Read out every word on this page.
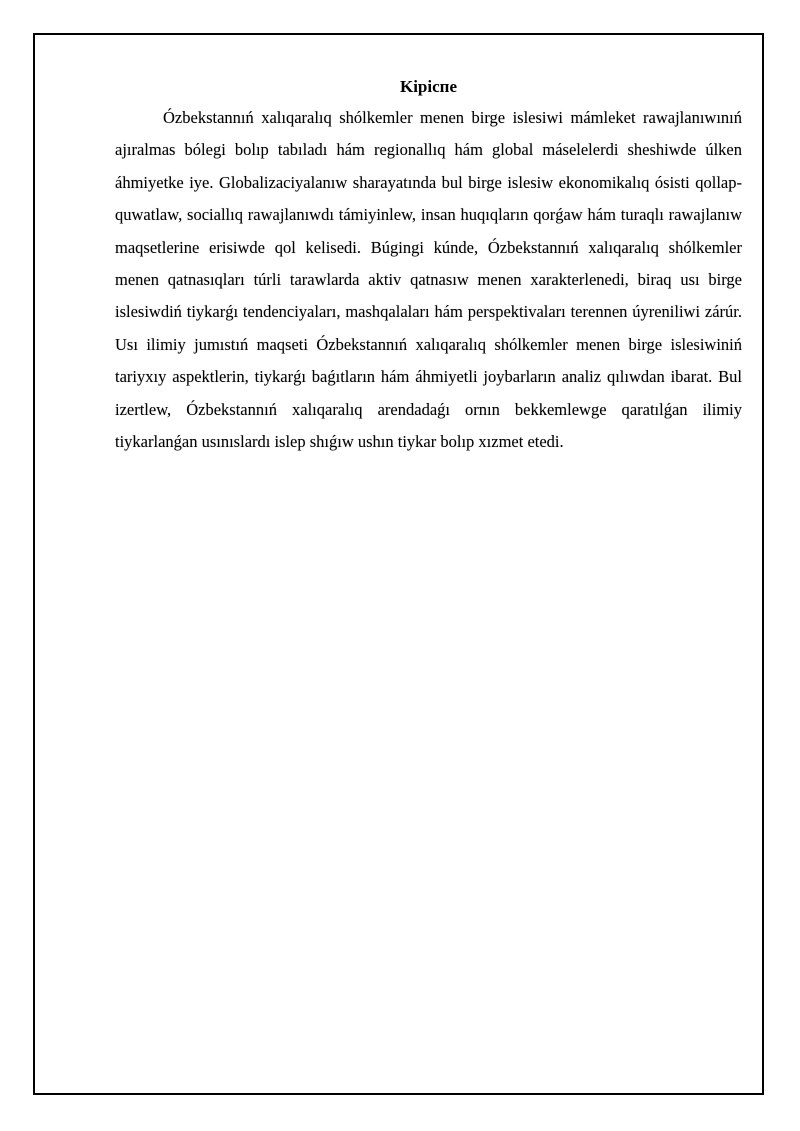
Kipicпе

Ózbekstannıń xalıqaralıq shólkemler menen birge islesiwi mámleket rawajlanıwınıń ajıralmas bólegi bolıp tabıladı hám regionallıq hám global máselelerdi sheshiwde úlken áhmiyetke iye. Globalizaciyalanıw sharayatında bul birge islesiw ekonomikalıq ósisti qollap-quwatlaw, sociallıq rawajlanıwdı támiyinlew, insan huqıqların qorǵaw hám turaqlı rawajlanıw maqsetlerine erisiwde qol kelisedi. Búgingi kúnde, Ózbekstannıń xalıqaralıq shólkemler menen qatnasıqları túrli tarawlarda aktiv qatnasıw menen xarakterlenedi, biraq usı birge islesiwdiń tiykarǵı tendenciyaları, mashqalaları hám perspektivaları terennen úyreniliwi zárúr. Usı ilimiy jumıstıń maqseti Ózbekstannıń xalıqaralıq shólkemler menen birge islesiwiniń tariyxıy aspektlerin, tiykarǵı baǵıtların hám áhmiyetli joybarların analiz qılıwdan ibarat. Bul izertlew, Ózbekstannıń xalıqaralıq arendadaǵı ornın bekkemlewge qaratılǵan ilimiy tiykarlanǵan usınıslardı islep shıǵıw ushın tiykar bolıp xızmet etedi.
